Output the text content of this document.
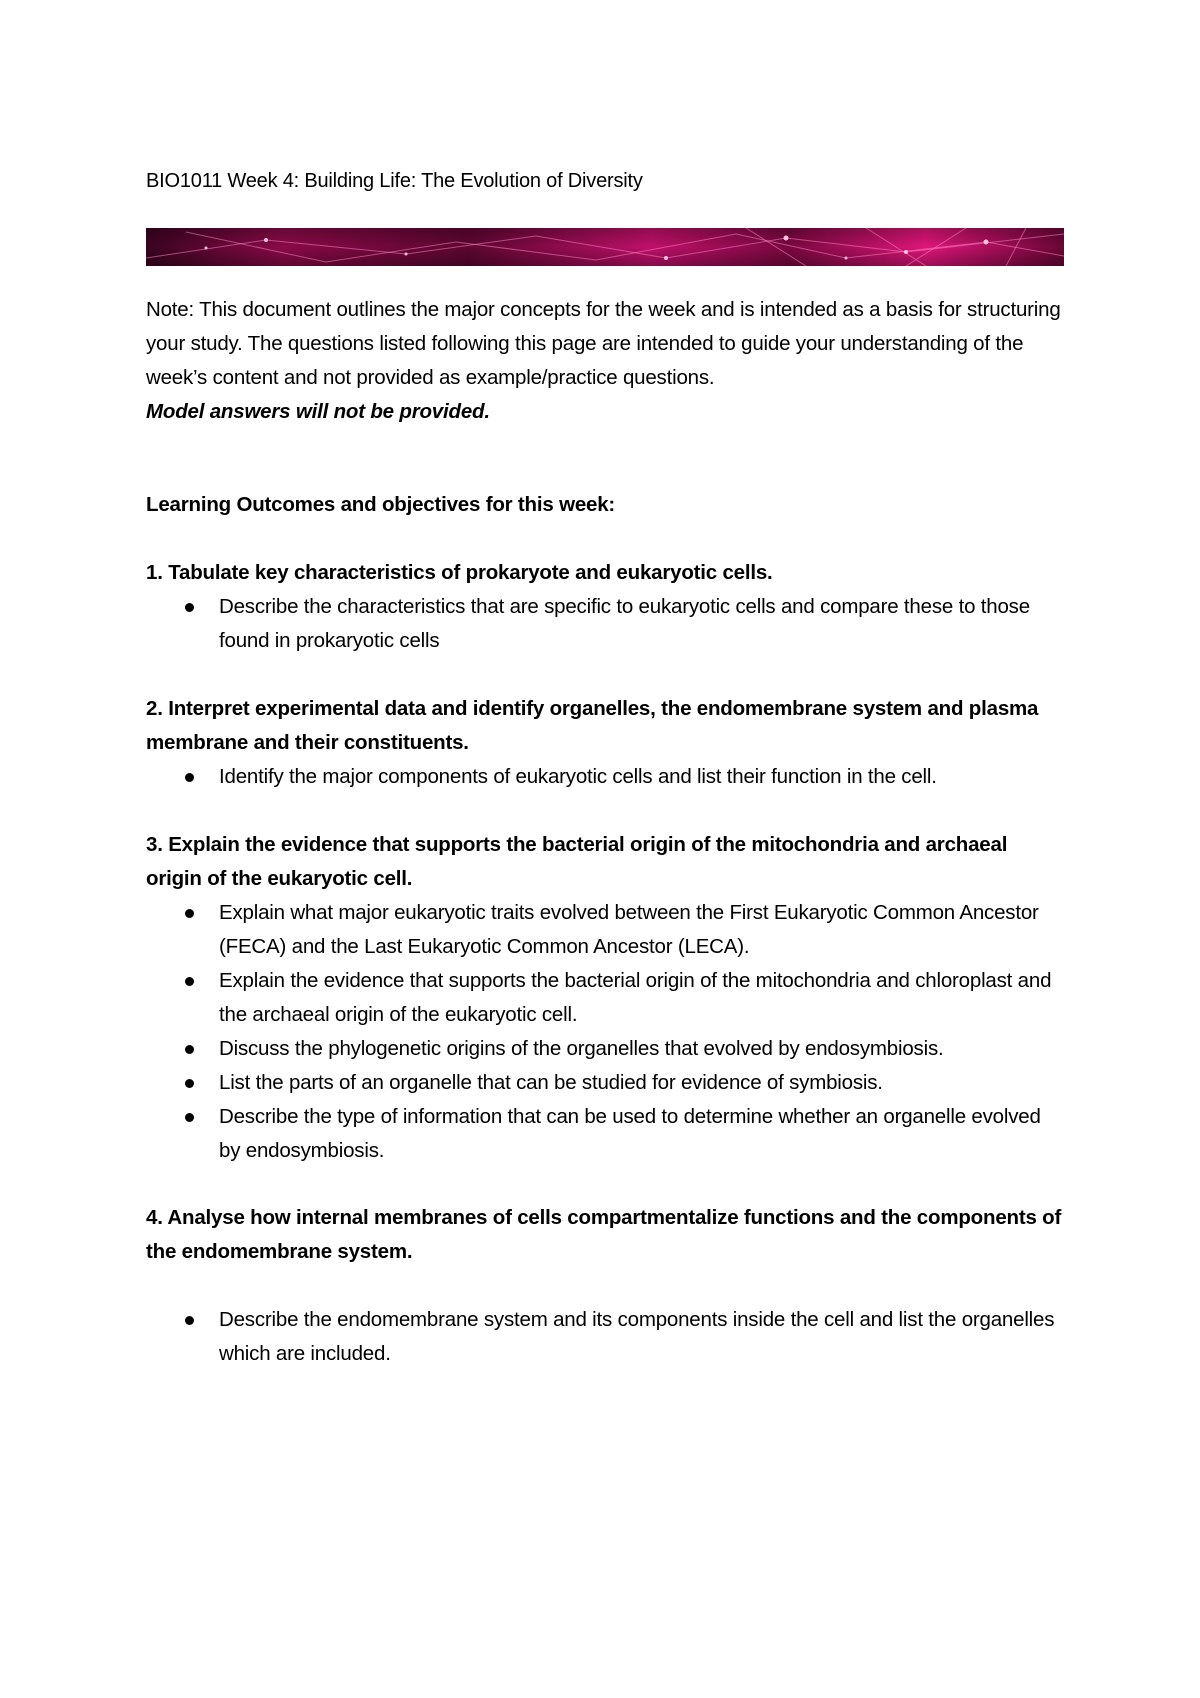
BIO1011 Week 4: Building Life: The Evolution of Diversity
Note: This document outlines the major concepts for the week and is intended as a basis for structuring your study. The questions listed following this page are intended to guide your understanding of the week’s content and not provided as example/practice questions.
Model answers will not be provided.
Learning Outcomes and objectives for this week:

1. Tabulate key characteristics of prokaryote and eukaryotic cells.

Describe the characteristics that are specific to eukaryotic cells and compare these to those found in prokaryotic cells

2. Interpret experimental data and identify organelles, the endomembrane system and plasma membrane and their constituents.

Identify the major components of eukaryotic cells and list their function in the cell.

3. Explain the evidence that supports the bacterial origin of the mitochondria and archaeal origin of the eukaryotic cell.

Explain what major eukaryotic traits evolved between the First Eukaryotic Common Ancestor (FECA) and the Last Eukaryotic Common Ancestor (LECA).
Explain the evidence that supports the bacterial origin of the mitochondria and chloroplast and the archaeal origin of the eukaryotic cell.
Discuss the phylogenetic origins of the organelles that evolved by endosymbiosis.
List the parts of an organelle that can be studied for evidence of symbiosis.
Describe the type of information that can be used to determine whether an organelle evolved by endosymbiosis.

4. Analyse how internal membranes of cells compartmentalize functions and the components of the endomembrane system.

Describe the endomembrane system and its components inside the cell and list the organelles which are included.
